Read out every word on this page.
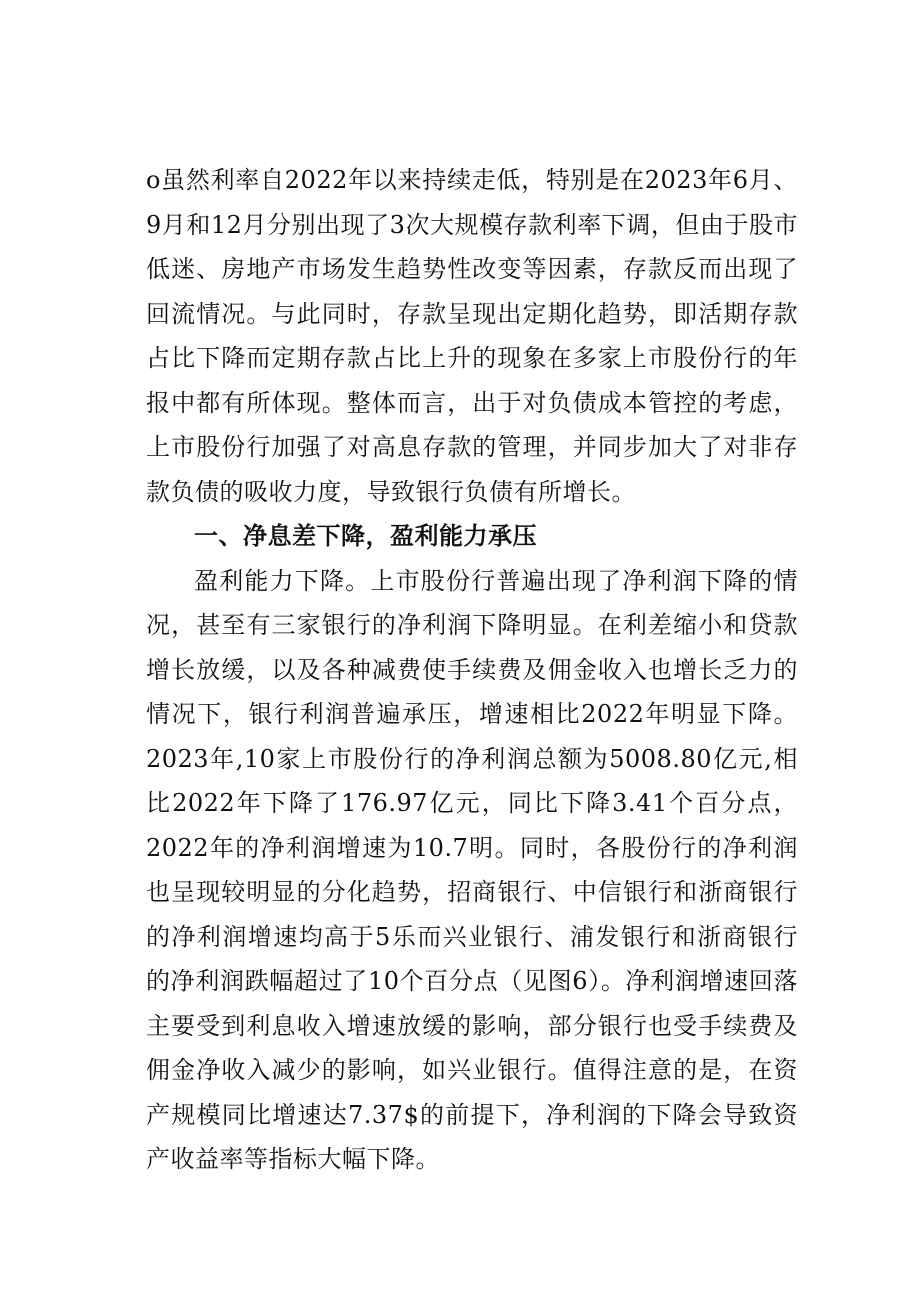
o虽然利率自2022年以来持续走低，特别是在2023年6月、9月和12月分别出现了3次大规模存款利率下调，但由于股市低迷、房地产市场发生趋势性改变等因素，存款反而出现了回流情况。与此同时，存款呈现出定期化趋势，即活期存款占比下降而定期存款占比上升的现象在多家上市股份行的年报中都有所体现。整体而言，出于对负债成本管控的考虑，上市股份行加强了对高息存款的管理，并同步加大了对非存款负债的吸收力度，导致银行负债有所增长。

一、净息差下降，盈利能力承压

盈利能力下降。上市股份行普遍出现了净利润下降的情况，甚至有三家银行的净利润下降明显。在利差缩小和贷款增长放缓，以及各种减费使手续费及佣金收入也增长乏力的情况下，银行利润普遍承压，增速相比2022年明显下降。2023年,10家上市股份行的净利润总额为5008.80亿元,相比2022年下降了176.97亿元，同比下降3.41个百分点，2022年的净利润增速为10.7明。同时，各股份行的净利润也呈现较明显的分化趋势，招商银行、中信银行和浙商银行的净利润增速均高于5乐而兴业银行、浦发银行和浙商银行的净利润跌幅超过了10个百分点（见图6）。净利润增速回落主要受到利息收入增速放缓的影响，部分银行也受手续费及佣金净收入减少的影响，如兴业银行。值得注意的是，在资产规模同比增速达7.37$的前提下，净利润的下降会导致资产收益率等指标大幅下降。
